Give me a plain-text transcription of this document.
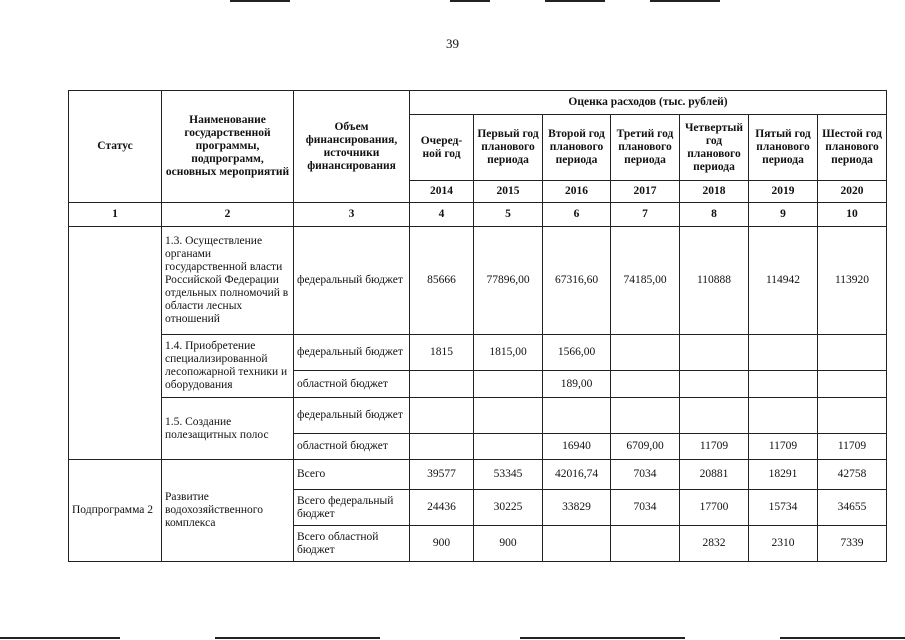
39
Статус	Наименование государственной программы, подпрограмм, основных мероприятий	Объем финансирования, источники финансирования	Оценка расходов (тыс. рублей)						
			Очеред- ной год	Первый год планового периода	Второй год планового периода	Третий год планового периода	Четвертый год планового периода	Пятый год планового периода	Шестой год планового периода
			2014	2015	2016	2017	2018	2019	2020
1	2	3	4	5	6	7	8	9	10
	1.3. Осуществление органами государственной власти Российской Федерации отдельных полномочий в области лесных отношений	федеральный бюджет	85666	77896,00	67316,60	74185,00	110888	114942	113920
	1.4. Приобретение специализированной лесопожарной техники и оборудования	федеральный бюджет	1815	1815,00	1566,00				
		областной бюджет			189,00				
	1.5. Создание полезащитных полос	федеральный бюджет							
		областной бюджет			16940	6709,00	11709	11709	11709
Подпрограмма 2	Развитие водохозяйственного комплекса	Всего	39577	53345	42016,74	7034	20881	18291	42758
		Всего федеральный бюджет	24436	30225	33829	7034	17700	15734	34655
		Всего областной бюджет	900	900			2832	2310	7339
